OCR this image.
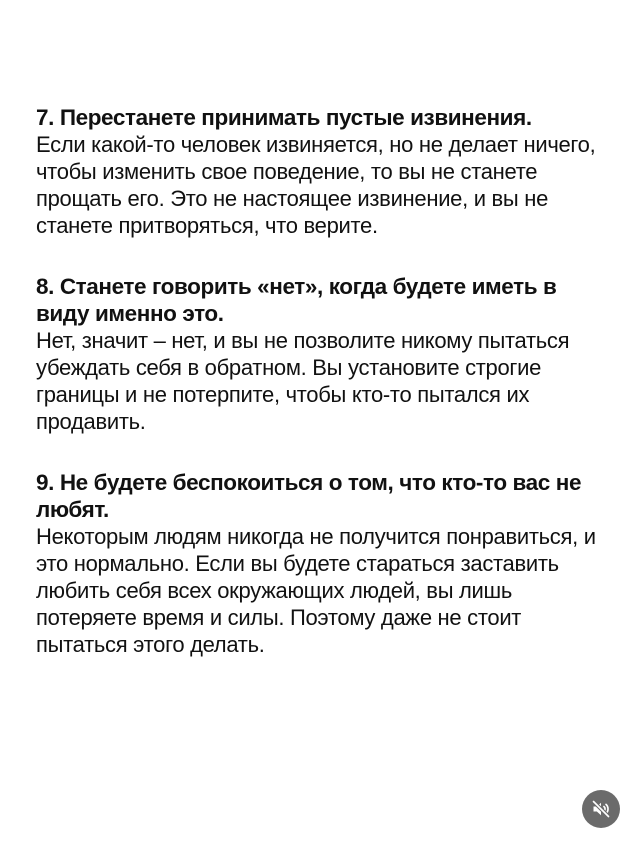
7. Перестанете принимать пустые извинения.

Если какой-то человек извиняется, но не делает ничего, чтобы изменить свое поведение, то вы не станете прощать его. Это не настоящее извинение, и вы не станете притворяться, что верите.

8. Станете говорить «нет», когда будете иметь в виду именно это.

Нет, значит – нет, и вы не позволите никому пытаться убеждать себя в обратном. Вы установите строгие границы и не потерпите, чтобы кто-то пытался их продавить.

9. Не будете беспокоиться о том, что кто-то вас не любят.

Некоторым людям никогда не получится понравиться, и это нормально. Если вы будете стараться заставить любить себя всех окружающих людей, вы лишь потеряете время и силы. Поэтому даже не стоит пытаться этого делать.
